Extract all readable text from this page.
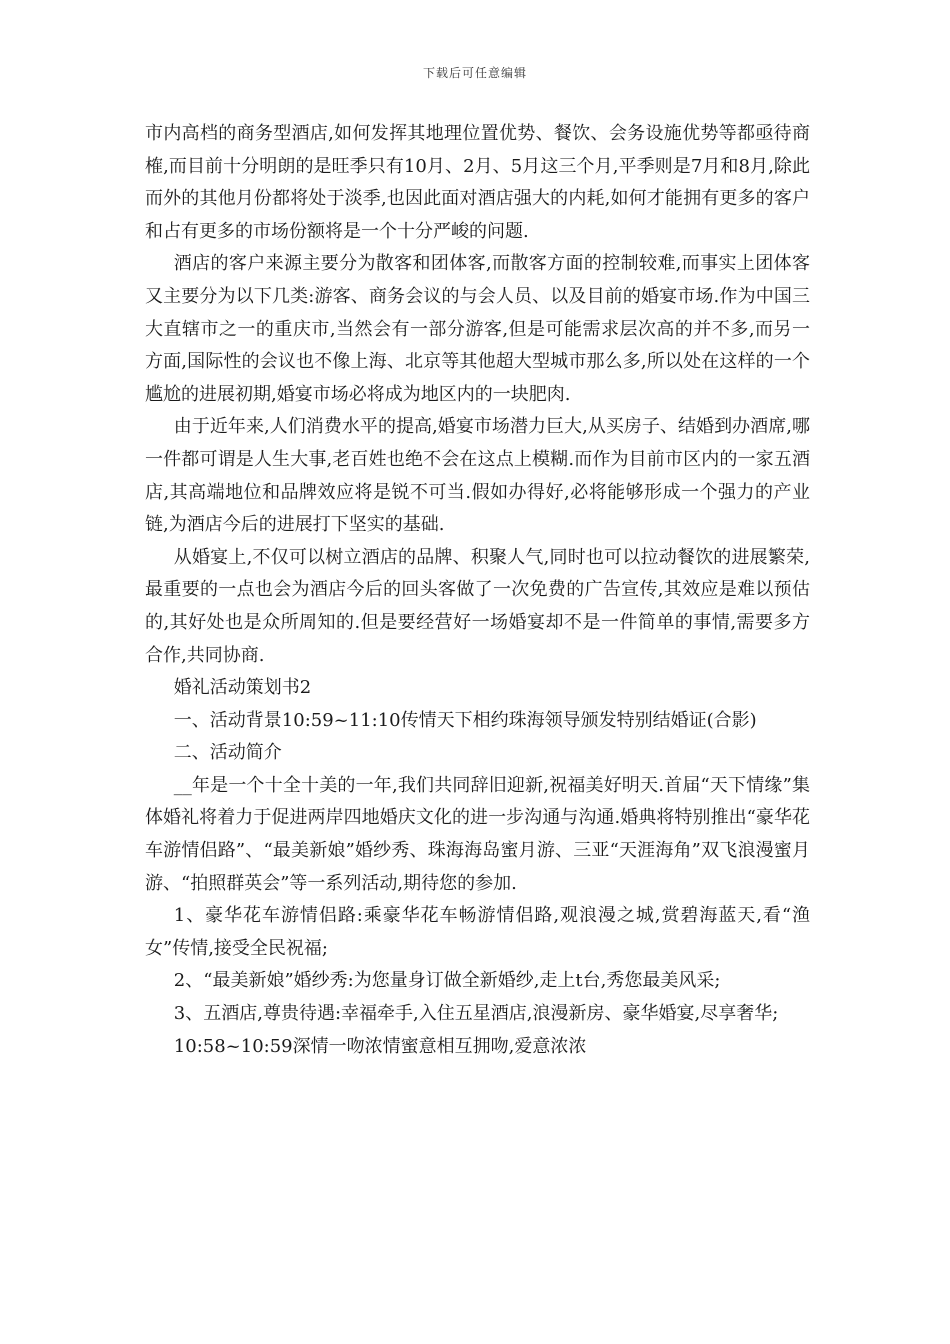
下载后可任意编辑

市内高档的商务型酒店,如何发挥其地理位置优势、餐饮、会务设施优势等都亟待商榷,而目前十分明朗的是旺季只有10月、2月、5月这三个月,平季则是7月和8月,除此而外的其他月份都将处于淡季,也因此面对酒店强大的内耗,如何才能拥有更多的客户和占有更多的市场份额将是一个十分严峻的问题.

酒店的客户来源主要分为散客和团体客,而散客方面的控制较难,而事实上团体客又主要分为以下几类:游客、商务会议的与会人员、以及目前的婚宴市场.作为中国三大直辖市之一的重庆市,当然会有一部分游客,但是可能需求层次高的并不多,而另一方面,国际性的会议也不像上海、北京等其他超大型城市那么多,所以处在这样的一个尴尬的进展初期,婚宴市场必将成为地区内的一块肥肉.

由于近年来,人们消费水平的提高,婚宴市场潜力巨大,从买房子、结婚到办酒席,哪一件都可谓是人生大事,老百姓也绝不会在这点上模糊.而作为目前市区内的一家五酒店,其高端地位和品牌效应将是锐不可当.假如办得好,必将能够形成一个强力的产业链,为酒店今后的进展打下坚实的基础.

从婚宴上,不仅可以树立酒店的品牌、积聚人气,同时也可以拉动餐饮的进展繁荣,最重要的一点也会为酒店今后的回头客做了一次免费的广告宣传,其效应是难以预估的,其好处也是众所周知的.但是要经营好一场婚宴却不是一件简单的事情,需要多方合作,共同协商.

婚礼活动策划书2

一、活动背景10:59~11:10传情天下相约珠海领导颁发特别结婚证(合影)

二、活动简介

__年是一个十全十美的一年,我们共同辞旧迎新,祝福美好明天.首届“天下情缘”集体婚礼将着力于促进两岸四地婚庆文化的进一步沟通与沟通.婚典将特别推出“豪华花车游情侣路”、“最美新娘”婚纱秀、珠海海岛蜜月游、三亚“天涯海角”双飞浪漫蜜月游、“拍照群英会”等一系列活动,期待您的参加.

1、豪华花车游情侣路:乘豪华花车畅游情侣路,观浪漫之城,赏碧海蓝天,看“渔女”传情,接受全民祝福;

2、“最美新娘”婚纱秀:为您量身订做全新婚纱,走上t台,秀您最美风采;

3、五酒店,尊贵待遇:幸福牵手,入住五星酒店,浪漫新房、豪华婚宴,尽享奢华;

10:58~10:59深情一吻浓情蜜意相互拥吻,爱意浓浓
